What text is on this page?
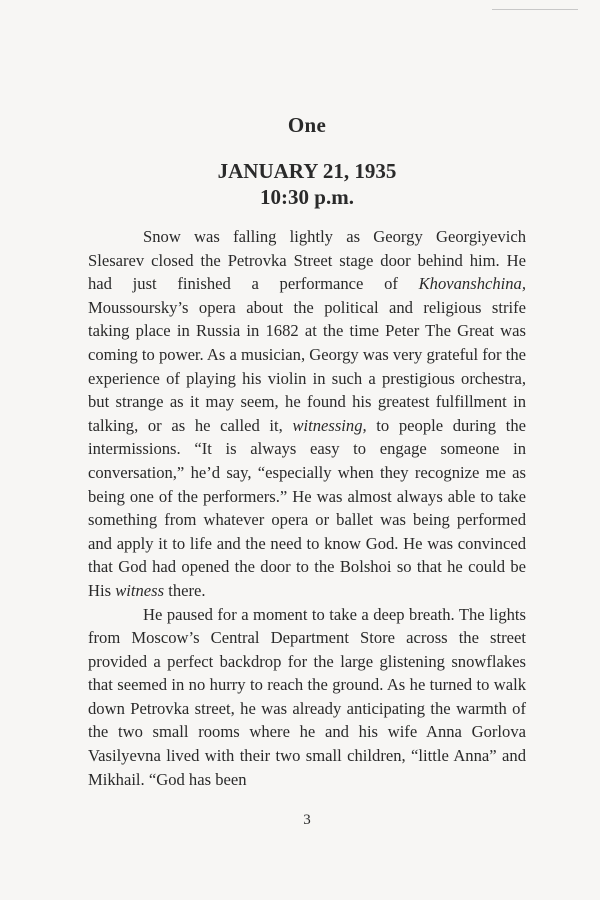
One
JANUARY 21, 1935
10:30 p.m.

Snow was falling lightly as Georgy Georgiyevich Slesarev closed the Petrovka Street stage door behind him. He had just finished a performance of Khovanshchina, Moussoursky’s opera about the political and religious strife taking place in Russia in 1682 at the time Peter The Great was coming to power. As a musician, Georgy was very grateful for the experience of playing his violin in such a prestigious orchestra, but strange as it may seem, he found his greatest fulfillment in talking, or as he called it, witnessing, to people during the intermissions. “It is always easy to engage someone in conversation,” he’d say, “especially when they recognize me as being one of the performers.” He was almost always able to take something from whatever opera or ballet was being performed and apply it to life and the need to know God. He was convinced that God had opened the door to the Bolshoi so that he could be His witness there.

He paused for a moment to take a deep breath. The lights from Moscow’s Central Department Store across the street provided a perfect backdrop for the large glistening snowflakes that seemed in no hurry to reach the ground. As he turned to walk down Petrovka street, he was already anticipating the warmth of the two small rooms where he and his wife Anna Gorlova Vasilyevna lived with their two small children, “little Anna” and Mikhail. “God has been

3
